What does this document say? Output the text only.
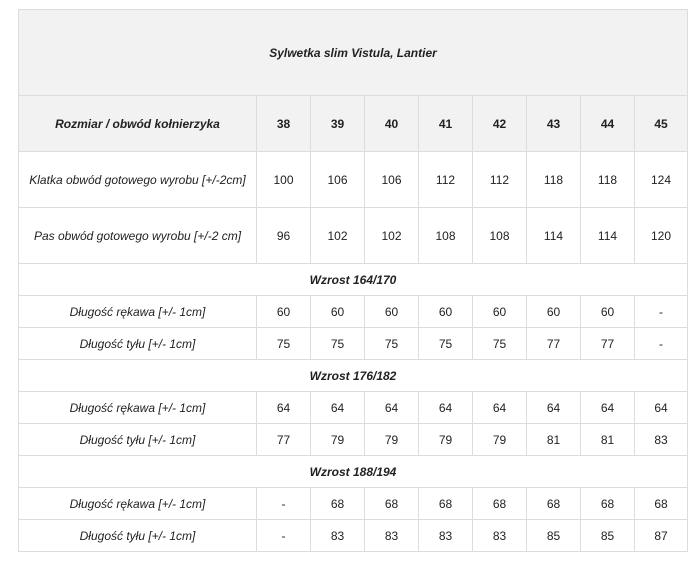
Sylwetka slim Vistula, Lantier								
Rozmiar / obwód kołnierzyka	38	39	40	41	42	43	44	45
Klatka obwód gotowego wyrobu [+/-2cm]	100	106	106	112	112	118	118	124
Pas obwód gotowego wyrobu [+/-2 cm]	96	102	102	108	108	114	114	120
Wzrost 164/170								
Długość rękawa [+/- 1cm]	60	60	60	60	60	60	60	-
Długość tyłu [+/- 1cm]	75	75	75	75	75	77	77	-
Wzrost 176/182								
Długość rękawa [+/- 1cm]	64	64	64	64	64	64	64	64
Długość tyłu [+/- 1cm]	77	79	79	79	79	81	81	83
Wzrost 188/194								
Długość rękawa [+/- 1cm]	-	68	68	68	68	68	68	68
Długość tyłu [+/- 1cm]	-	83	83	83	83	85	85	87
